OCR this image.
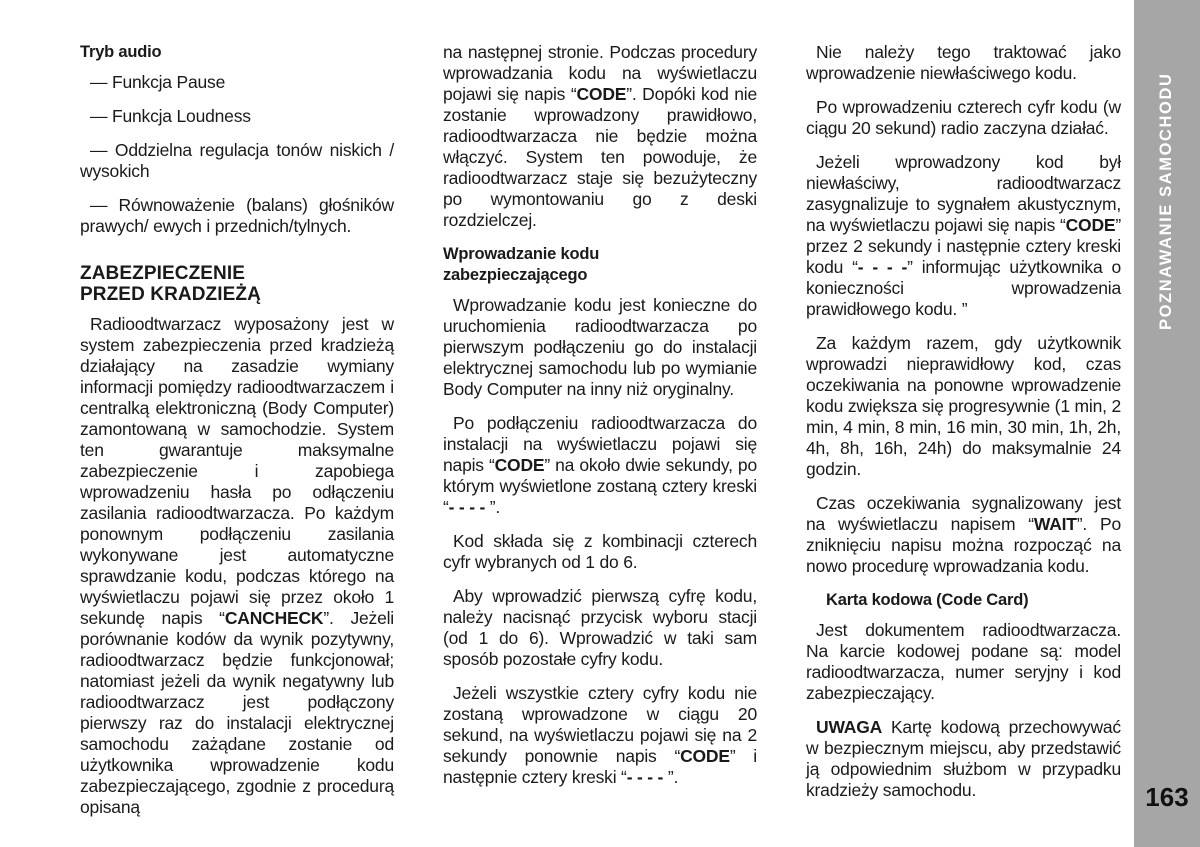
POZNAWANIE SAMOCHODU
163
Tryb audio

— Funkcja Pause

— Funkcja Loudness

— Oddzielna regulacja tonów niskich / wysokich

— Równoważenie (balans) głośników prawych/ ewych i przednich/tylnych.

ZABEZPIECZENIE
PRZED KRADZIEŻĄ

Radioodtwarzacz wyposażony jest w system zabezpieczenia przed kradzieżą działający na zasadzie wymiany informacji pomiędzy radioodtwarzaczem i centralką elektroniczną (Body Computer) zamontowaną w samochodzie. System ten gwarantuje maksymalne zabezpieczenie i zapobiega wprowadzeniu hasła po odłączeniu zasilania radioodtwarzacza. Po każdym ponownym podłączeniu zasilania wykonywane jest automatyczne sprawdzanie kodu, podczas którego na wyświetlaczu pojawi się przez około 1 sekundę napis “CANCHECK”. Jeżeli porównanie kodów da wynik pozytywny, radioodtwarzacz będzie funkcjonował; natomiast jeżeli da wynik negatywny lub radioodtwarzacz jest podłączony pierwszy raz do instalacji elektrycznej samochodu zażądane zostanie od użytkownika wprowadzenie kodu zabezpieczającego, zgodnie z procedurą opisaną

na następnej stronie. Podczas procedury wprowadzania kodu na wyświetlaczu pojawi się napis “CODE”. Dopóki kod nie zostanie wprowadzony prawidłowo, radioodtwarzacza nie będzie można włączyć. System ten powoduje, że radioodtwarzacz staje się bezużyteczny po wymontowaniu go z deski rozdzielczej.

Wprowadzanie kodu
zabezpieczającego

Wprowadzanie kodu jest konieczne do uruchomienia radioodtwarzacza po pierwszym podłączeniu go do instalacji elektrycznej samochodu lub po wymianie Body Computer na inny niż oryginalny.

Po podłączeniu radioodtwarzacza do instalacji na wyświetlaczu pojawi się napis “CODE” na około dwie sekundy, po którym wyświetlone zostaną cztery kreski “- - - - ”.

Kod składa się z kombinacji czterech cyfr wybranych od 1 do 6.

Aby wprowadzić pierwszą cyfrę kodu, należy nacisnąć przycisk wyboru stacji (od 1 do 6). Wprowadzić w taki sam sposób pozostałe cyfry kodu.

Jeżeli wszystkie cztery cyfry kodu nie zostaną wprowadzone w ciągu 20 sekund, na wyświetlaczu pojawi się na 2 sekundy ponownie napis “CODE” i następnie cztery kreski “- - - - ”.

Nie należy tego traktować jako wprowadzenie niewłaściwego kodu.

Po wprowadzeniu czterech cyfr kodu (w ciągu 20 sekund) radio zaczyna działać.

Jeżeli wprowadzony kod był niewłaściwy, radioodtwarzacz zasygnalizuje to sygnałem akustycznym, na wyświetlaczu pojawi się napis “CODE” przez 2 sekundy i następnie cztery kreski kodu “- - - -” informując użytkownika o konieczności wprowadzenia prawidłowego kodu. ”

Za każdym razem, gdy użytkownik wprowadzi nieprawidłowy kod, czas oczekiwania na ponowne wprowadzenie kodu zwiększa się progresywnie (1 min, 2 min, 4 min, 8 min, 16 min, 30 min, 1h, 2h, 4h, 8h, 16h, 24h) do maksymalnie 24 godzin.

Czas oczekiwania sygnalizowany jest na wyświetlaczu napisem “WAIT”. Po zniknięciu napisu można rozpocząć na nowo procedurę wprowadzania kodu.

Karta kodowa (Code Card)

Jest dokumentem radioodtwarzacza. Na karcie kodowej podane są: model radioodtwarzacza, numer seryjny i kod zabezpieczający.

UWAGA Kartę kodową przechowywać w bezpiecznym miejscu, aby przedstawić ją odpowiednim służbom w przypadku kradzieży samochodu.
